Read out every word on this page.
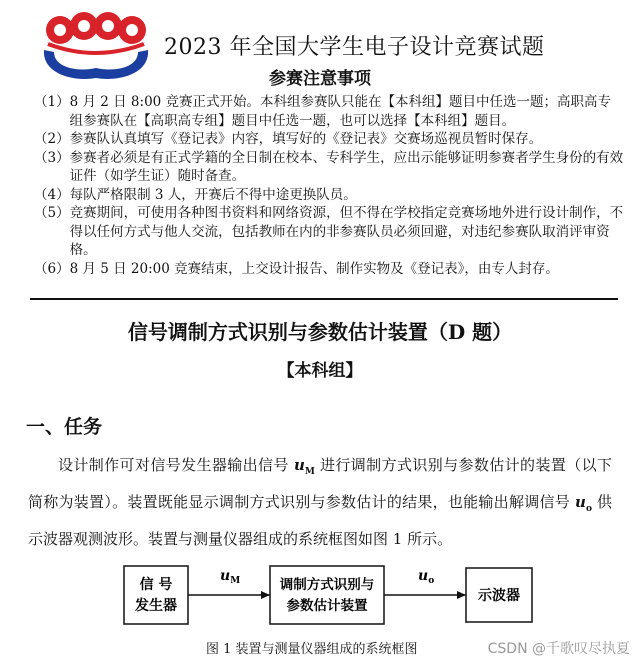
2023 年全国大学生电子设计竞赛试题
参赛注意事项
（1） 8 月 2 日 8:00 竞赛正式开始。本科组参赛队只能在【本科组】题目中任选一题；高职高专组参赛队在【高职高专组】题目中任选一题，也可以选择【本科组】题目。
（2） 参赛队认真填写《登记表》内容，填写好的《登记表》交赛场巡视员暂时保存。
（3） 参赛者必须是有正式学籍的全日制在校本、专科学生，应出示能够证明参赛者学生身份的有效证件（如学生证）随时备查。
（4） 每队严格限制 3 人，开赛后不得中途更换队员。
（5） 竞赛期间，可使用各种图书资料和网络资源，但不得在学校指定竞赛场地外进行设计制作，不得以任何方式与他人交流，包括教师在内的非参赛队员必须回避，对违纪参赛队取消评审资格。
（6） 8 月 5 日 20:00 竞赛结束，上交设计报告、制作实物及《登记表》，由专人封存。
信号调制方式识别与参数估计装置（D 题）
【本科组】
一、任务
设计制作可对信号发生器输出信号 $u_M$ 进行调制方式识别与参数估计的装置（以下简称为装置）。装置既能显示调制方式识别与参数估计的结果，也能输出解调信号 $u_o$ 供示波器观测波形。装置与测量仪器组成的系统框图如图 1 所示。
信 号
发生器
$u_M$	调制方式识别与
参数估计装置
$u_o$
示波器
图 1 装置与测量仪器组成的系统框图	CSDN @千歌叹尽执夏
